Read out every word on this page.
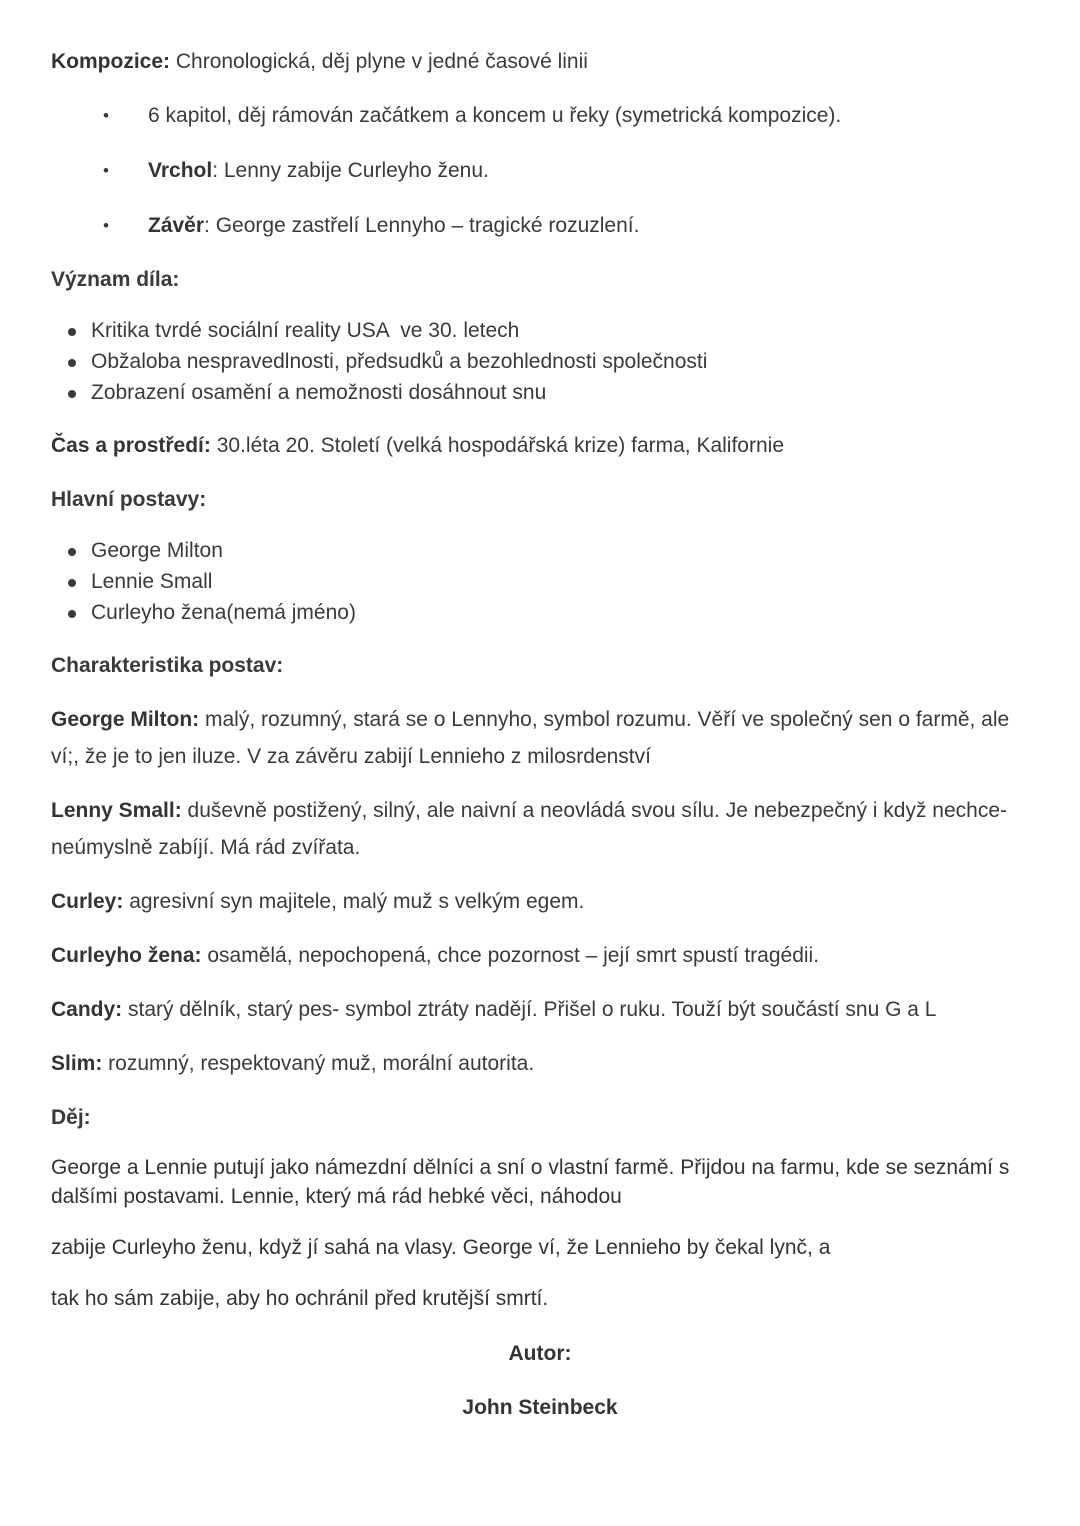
Kompozice: Chronologická, děj plyne v jedné časové linii

• 6 kapitol, děj rámován začátkem a koncem u řeky (symetrická kompozice).
• Vrchol: Lenny zabije Curleyho ženu.
• Závěr: George zastřelí Lennyho – tragické rozuzlení.

Význam díla:

Kritika tvrdé sociální reality USA  ve 30. letech
Obžaloba nespravedlnosti, předsudků a bezohlednosti společnosti
Zobrazení osamění a nemožnosti dosáhnout snu

Čas a prostředí: 30.léta 20. Století (velká hospodářská krize) farma, Kalifornie

Hlavní postavy:

George Milton
Lennie Small
Curleyho žena(nemá jméno)

Charakteristika postav:

George Milton: malý, rozumný, stará se o Lennyho, symbol rozumu. Věří ve společný sen o farmě, ale ví;, že je to jen iluze. V za závěru zabijí Lennieho z milosrdenství

Lenny Small: duševně postižený, silný, ale naivní a neovládá svou sílu. Je nebezpečný i když nechce- neúmyslně zabíjí. Má rád zvířata.

Curley: agresivní syn majitele, malý muž s velkým egem.

Curleyho žena: osamělá, nepochopená, chce pozornost – její smrt spustí tragédii.

Candy: starý dělník, starý pes- symbol ztráty nadějí. Přišel o ruku. Touží být součástí snu G a L

Slim: rozumný, respektovaný muž, morální autorita.

Děj:

George a Lennie putují jako námezdní dělníci a sní o vlastní farmě. Přijdou na farmu, kde se seznámí s dalšími postavami. Lennie, který má rád hebké věci, náhodou

zabije Curleyho ženu, když jí sahá na vlasy. George ví, že Lennieho by čekal lynč, a

tak ho sám zabije, aby ho ochránil před krutější smrtí.

Autor:

John Steinbeck
